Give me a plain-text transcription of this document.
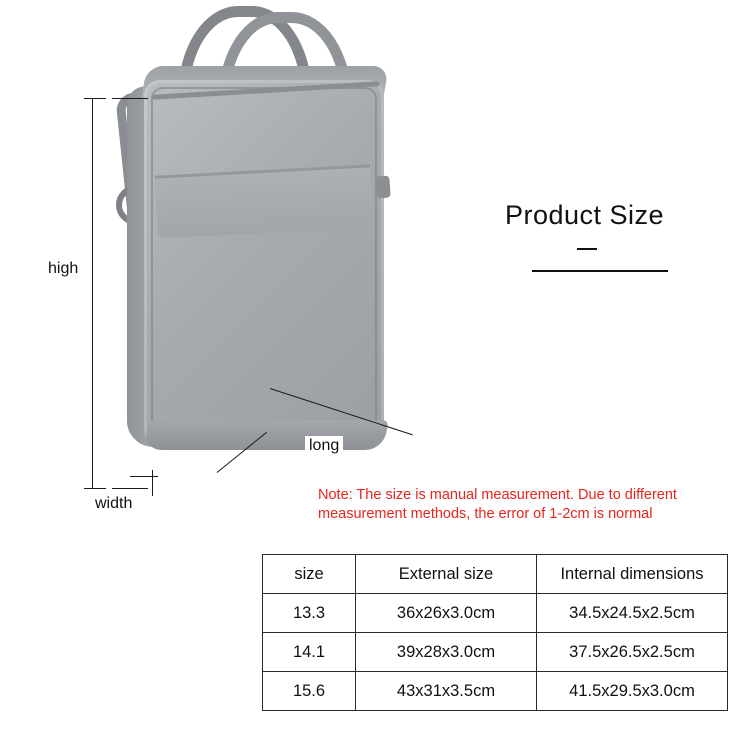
high
long
width
Product Size
Note: The size is manual measurement. Due to different measurement methods, the error of 1-2cm is normal
size	External size	Internal dimensions
13.3	36x26x3.0cm	34.5x24.5x2.5cm
14.1	39x28x3.0cm	37.5x26.5x2.5cm
15.6	43x31x3.5cm	41.5x29.5x3.0cm
